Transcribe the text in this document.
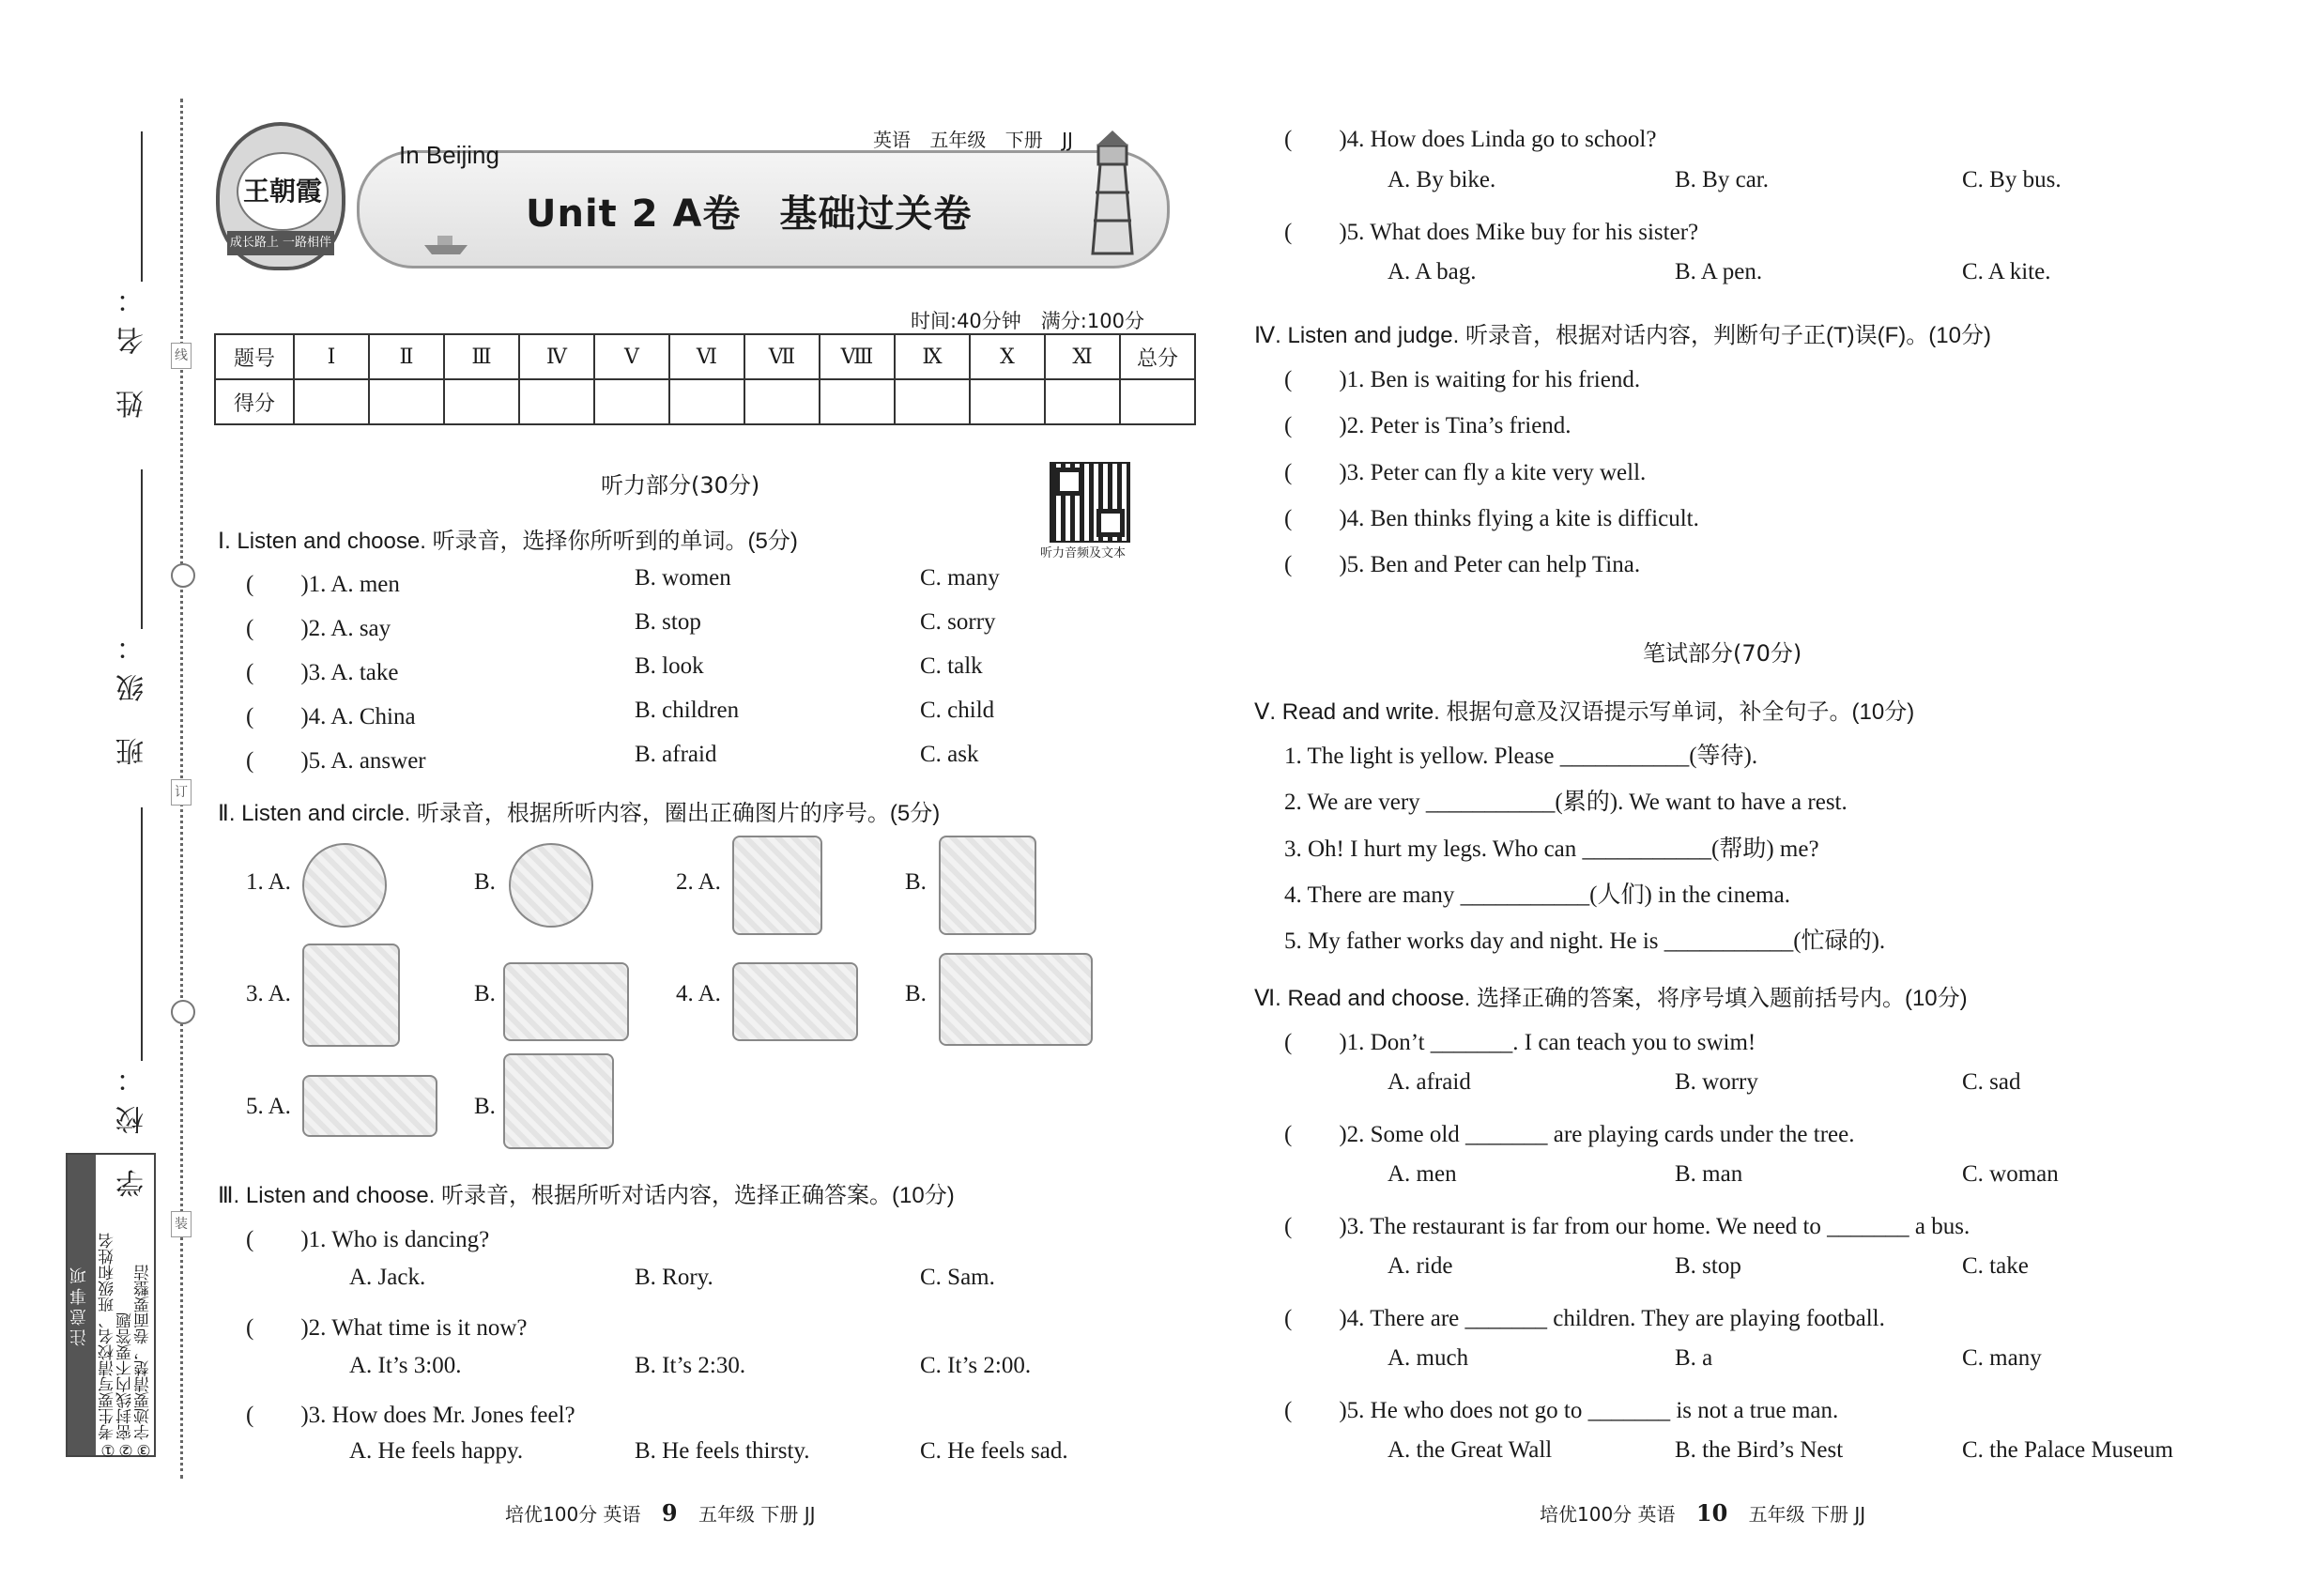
姓 名：
班 级：
学 校：
线
订
装
注意事项 ①考生要写清校名、班级和姓名 ②密封线内不要答题 ③字迹要清楚，卷面要整洁
王朝霞
成长路上 一路相伴
In Beijing
英语 五年级 下册 JJ
Unit 2 A卷　基础过关卷
时间:40分钟　满分:100分
题号	Ⅰ	Ⅱ	Ⅲ	Ⅳ	Ⅴ	Ⅵ	Ⅶ	Ⅷ	Ⅸ	Ⅹ	Ⅺ	总分
得分												
听力部分(30分)
听力音频及文本
Ⅰ. Listen and choose. 听录音，选择你所听到的单词。(5分)
(　　)1. A. men	B. women	C. many
(　　)2. A. say	B. stop	C. sorry
(　　)3. A. take	B. look	C. talk
(　　)4. A. China	B. children	C. child
(　　)5. A. answer	B. afraid	C. ask
Ⅱ. Listen and circle. 听录音，根据所听内容，圈出正确图片的序号。(5分)
1. A.	B.	2. A.	B.
3. A.	B.	4. A.	B.
5. A.	B.
Ⅲ. Listen and choose. 听录音，根据所听对话内容，选择正确答案。(10分)
(　　)1. Who is dancing?
A. Jack.	B. Rory.	C. Sam.
(　　)2. What time is it now?
A. It’s 3:00.	B. It’s 2:30.	C. It’s 2:00.
(　　)3. How does Mr. Jones feel?
A. He feels happy.	B. He feels thirsty.	C. He feels sad.
培优100分 英语 9 五年级 下册 JJ
(　　)4. How does Linda go to school?
A. By bike.	B. By car.	C. By bus.
(　　)5. What does Mike buy for his sister?
A. A bag.	B. A pen.	C. A kite.
Ⅳ. Listen and judge. 听录音，根据对话内容，判断句子正(T)误(F)。(10分)
(　　)1. Ben is waiting for his friend.
(　　)2. Peter is Tina’s friend.
(　　)3. Peter can fly a kite very well.
(　　)4. Ben thinks flying a kite is difficult.
(　　)5. Ben and Peter can help Tina.
笔试部分(70分)
Ⅴ. Read and write. 根据句意及汉语提示写单词，补全句子。(10分)
1. The light is yellow. Please ___________(等待).
2. We are very ___________(累的). We want to have a rest.
3. Oh! I hurt my legs. Who can ___________(帮助) me?
4. There are many ___________(人们) in the cinema.
5. My father works day and night. He is ___________(忙碌的).
Ⅵ. Read and choose. 选择正确的答案，将序号填入题前括号内。(10分)
(　　)1. Don’t _______. I can teach you to swim!
A. afraid	B. worry	C. sad
(　　)2. Some old _______ are playing cards under the tree.
A. men	B. man	C. woman
(　　)3. The restaurant is far from our home. We need to _______ a bus.
A. ride	B. stop	C. take
(　　)4. There are _______ children. They are playing football.
A. much	B. a	C. many
(　　)5. He who does not go to _______ is not a true man.
A. the Great Wall	B. the Bird’s Nest	C. the Palace Museum
培优100分 英语 10 五年级 下册 JJ
